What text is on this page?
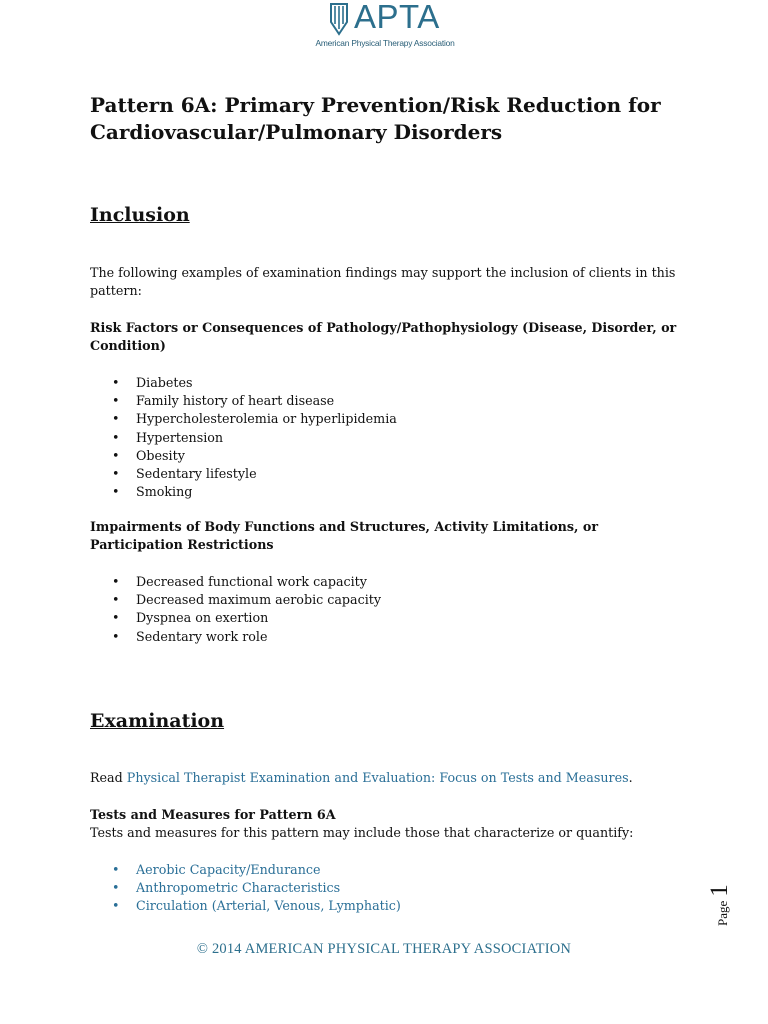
APTA
American Physical Therapy Association
Pattern 6A: Primary Prevention/Risk Reduction for Cardiovascular/Pulmonary Disorders
Inclusion

The following examples of examination findings may support the inclusion of clients in this pattern:

Risk Factors or Consequences of Pathology/Pathophysiology (Disease, Disorder, or Condition)

• Diabetes
• Family history of heart disease
• Hypercholesterolemia or hyperlipidemia
• Hypertension
• Obesity
• Sedentary lifestyle
• Smoking

Impairments of Body Functions and Structures, Activity Limitations, or Participation Restrictions

• Decreased functional work capacity
• Decreased maximum aerobic capacity
• Dyspnea on exertion
• Sedentary work role
Examination

Read Physical Therapist Examination and Evaluation: Focus on Tests and Measures.

Tests and Measures for Pattern 6A

Tests and measures for this pattern may include those that characterize or quantify:

• Aerobic Capacity/Endurance
• Anthropometric Characteristics
• Circulation (Arterial, Venous, Lymphatic)
© 2014 AMERICAN PHYSICAL THERAPY ASSOCIATION
Page 1
